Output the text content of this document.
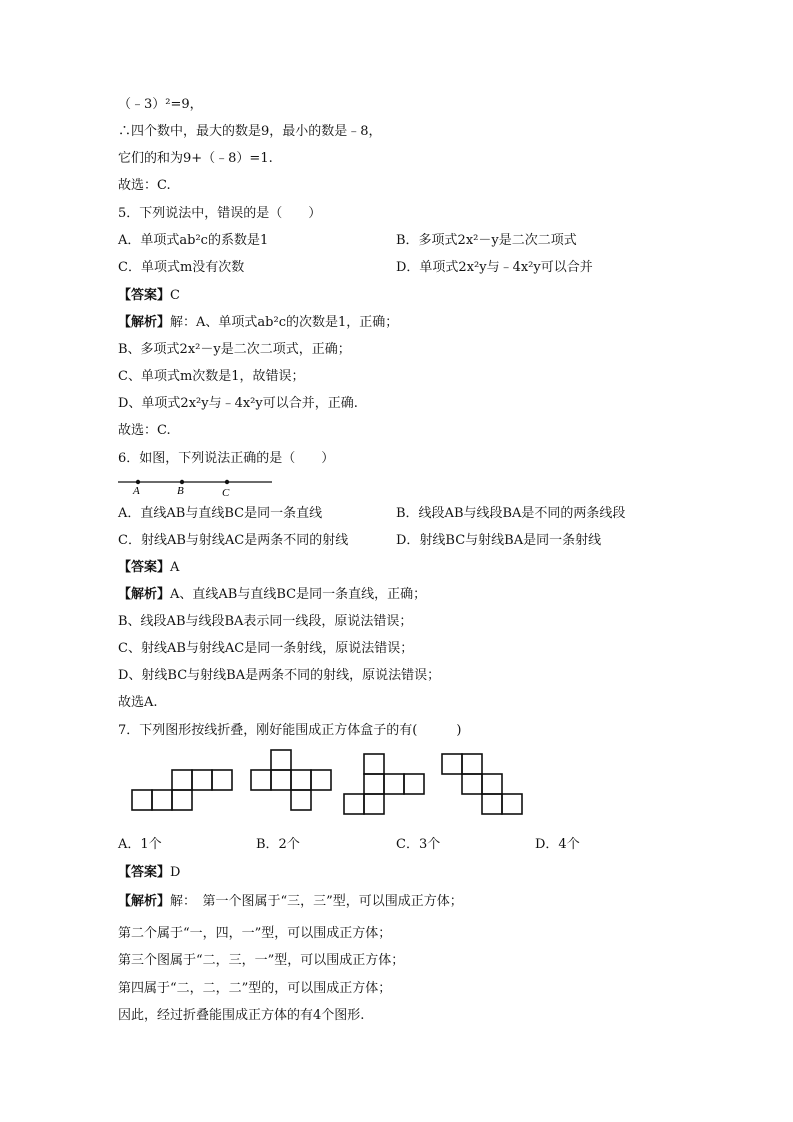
（﹣3）²=9，
∴四个数中，最大的数是9，最小的数是﹣8，
它们的和为9+（﹣8）=1.
故选：C.
5．下列说法中，错误的是（　　）
A．单项式ab²c的系数是1	B．多项式2x²－y是二次二项式
C．单项式m没有次数	D．单项式2x²y与﹣4x²y可以合并
【答案】C
【解析】解：A、单项式ab²c的次数是1，正确；
B、多项式2x²－y是二次二项式，正确；
C、单项式m次数是1，故错误；
D、单项式2x²y与﹣4x²y可以合并，正确.
故选：C.
6．如图，下列说法正确的是（　　）
A	B	C
A．直线AB与直线BC是同一条直线	B．线段AB与线段BA是不同的两条线段
C．射线AB与射线AC是两条不同的射线	D．射线BC与射线BA是同一条射线
【答案】A
【解析】A、直线AB与直线BC是同一条直线，正确；
B、线段AB与线段BA表示同一线段，原说法错误；
C、射线AB与射线AC是同一条射线，原说法错误；
D、射线BC与射线BA是两条不同的射线，原说法错误；
故选A.
7．下列图形按线折叠，刚好能围成正方体盒子的有(　　　)
A．1个	B．2个	C．3个	D．4个
【答案】D
【解析】解：　第一个图属于“三，三”型，可以围成正方体；
第二个属于“一，四，一”型，可以围成正方体；
第三个图属于“二，三，一”型，可以围成正方体；
第四属于“二，二，二”型的，可以围成正方体；
因此，经过折叠能围成正方体的有4个图形.
